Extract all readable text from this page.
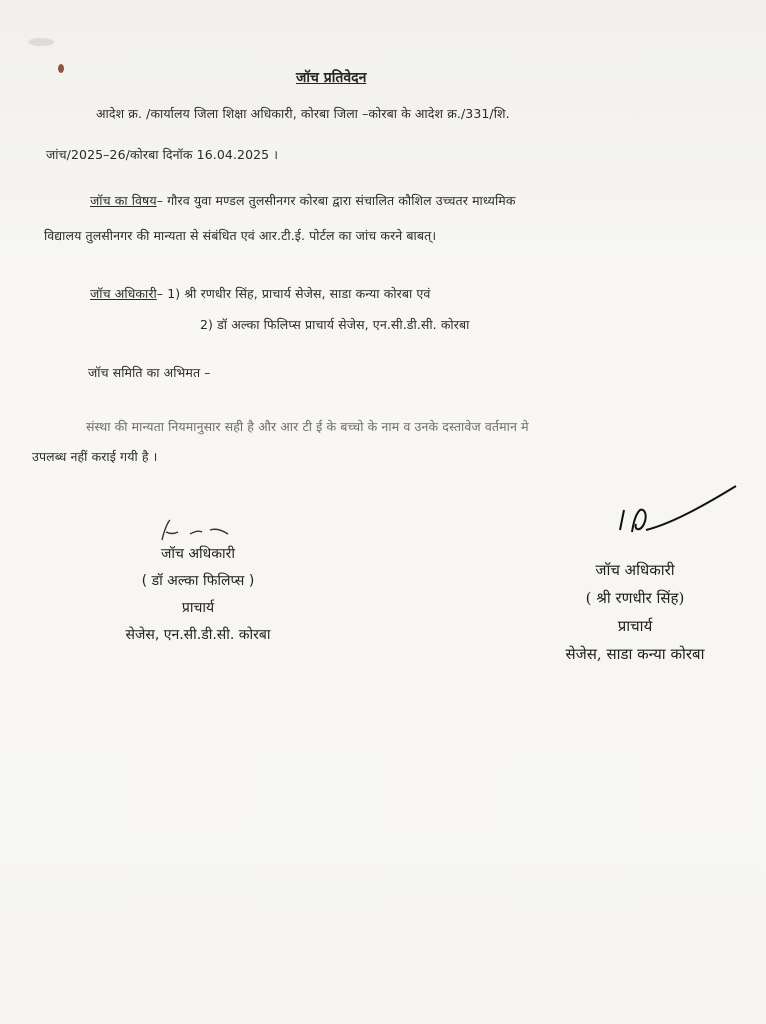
जॉच प्रतिवेदन
आदेश क्र. /कार्यालय जिला शिक्षा अधिकारी, कोरबा जिला –कोरबा के आदेश क्र./331/शि.
जांच/2025–26/कोरबा दिनॉक 16.04.2025 ।
जॉच का विषय– गौरव युवा मण्डल तुलसीनगर कोरबा द्वारा संचालित कौशिल उच्चतर माध्यमिक
विद्यालय तुलसीनगर की मान्यता से संबंधित एवं आर.टी.ई. पोर्टल का जांच करने बाबत्।
जॉच अधिकारी– 1) श्री रणधीर सिंह, प्राचार्य सेजेस, साडा कन्या कोरबा एवं
2) डॉ अल्का फिलिप्स प्राचार्य सेजेस, एन.सी.डी.सी. कोरबा
जॉच समिति का अभिमत –
संस्था की मान्यता नियमानुसार सही है और आर टी ई के बच्चो के नाम व उनके दस्तावेज वर्तमान मे
उपलब्ध नहीं कराई गयी है ।
जॉच अधिकारी
( डॉ अल्का फिलिप्स )
प्राचार्य
सेजेस, एन.सी.डी.सी. कोरबा
जॉच अधिकारी
( श्री रणधीर सिंह)
प्राचार्य
सेजेस, साडा कन्या कोरबा
